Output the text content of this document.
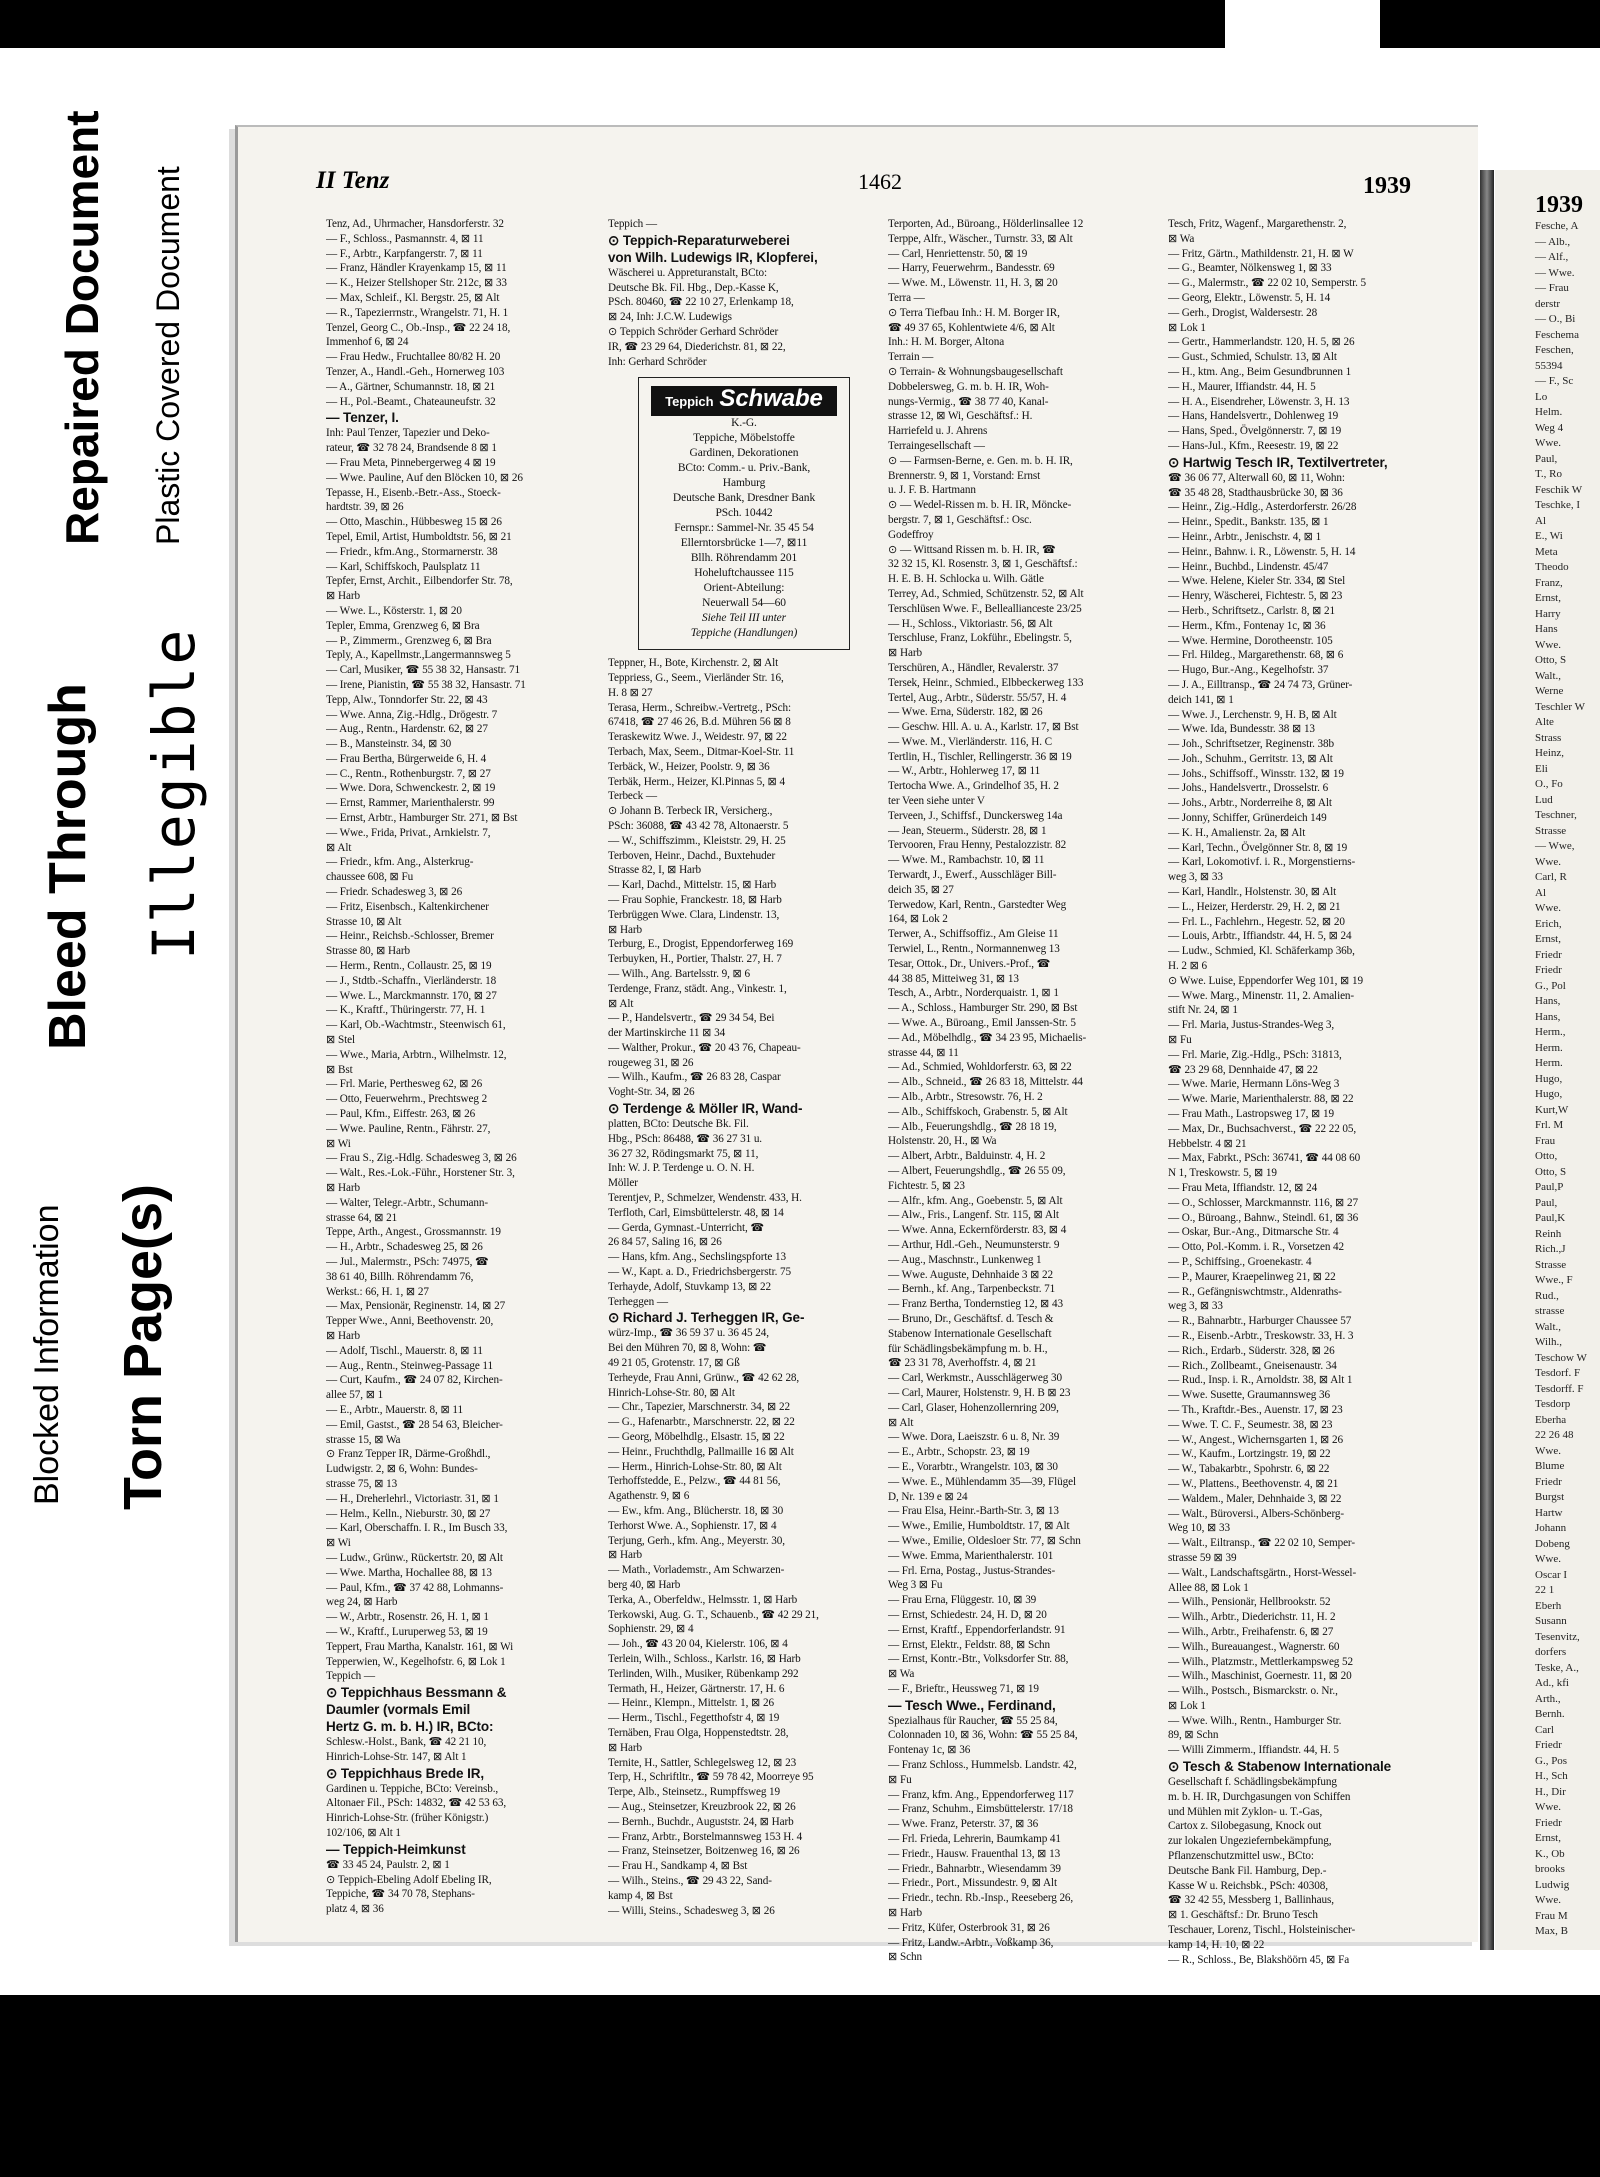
Blocked Information
Bleed Through
Repaired Document
Torn Page(s)
Illegible
Plastic Covered Document	II Tenz	1462	1939
Tenz, Ad., Uhrmacher, Hansdorferstr. 32
— F., Schloss., Pasmannstr. 4, ⊠ 11
— F., Arbtr., Karpfangerstr. 7, ⊠ 11
— Franz, Händler Krayenkamp 15, ⊠ 11
— K., Heizer Stellshoper Str. 212c, ⊠ 33
— Max, Schleif., Kl. Bergstr. 25, ⊠ Alt
— R., Tapezierrnstr., Wrangelstr. 71, H. 1
Tenzel, Georg C., Ob.-Insp., ☎ 22 24 18,
Immenhof 6, ⊠ 24
— Frau Hedw., Fruchtallee 80/82 H. 20
Tenzer, A., Handl.-Geh., Hornerweg 103
— A., Gärtner, Schumannstr. 18, ⊠ 21
— H., Pol.-Beamt., Chateauneufstr. 32
— Tenzer, I.
Inh: Paul Tenzer, Tapezier und Deko-
rateur, ☎ 32 78 24, Brandsende 8 ⊠ 1
— Frau Meta, Pinnebergerweg 4 ⊠ 19
— Wwe. Pauline, Auf den Blöcken 10, ⊠ 26
Tepasse, H., Eisenb.-Betr.-Ass., Stoeck-
hardtstr. 39, ⊠ 26
— Otto, Maschin., Hübbesweg 15 ⊠ 26
Tepel, Emil, Artist, Humboldtstr. 56, ⊠ 21
— Friedr., kfm.Ang., Stormarnerstr. 38
— Karl, Schiffskoch, Paulsplatz 11
Tepfer, Ernst, Archit., Eilbendorfer Str. 78,
⊠ Harb
— Wwe. L., Kösterstr. 1, ⊠ 20
Tepler, Emma, Grenzweg 6, ⊠ Bra
— P., Zimmerm., Grenzweg 6, ⊠ Bra
Teply, A., Kapellmstr.,Langermannsweg 5
— Carl, Musiker, ☎ 55 38 32, Hansastr. 71
— Irene, Pianistin, ☎ 55 38 32, Hansastr. 71
Tepp, Alw., Tonndorfer Str. 22, ⊠ 43
— Wwe. Anna, Zig.-Hdlg., Drögestr. 7
— Aug., Rentn., Hardenstr. 62, ⊠ 27
— B., Mansteinstr. 34, ⊠ 30
— Frau Bertha, Bürgerweide 6, H. 4
— C., Rentn., Rothenburgstr. 7, ⊠ 27
— Wwe. Dora, Schwenckestr. 2, ⊠ 19
— Ernst, Rammer, Marienthalerstr. 99
— Ernst, Arbtr., Hamburger Str. 271, ⊠ Bst
— Wwe., Frida, Privat., Arnkielstr. 7,
⊠ Alt
— Friedr., kfm. Ang., Alsterkrug-
chaussee 608, ⊠ Fu
— Friedr. Schadesweg 3, ⊠ 26
— Fritz, Eisenbsch., Kaltenkirchener
Strasse 10, ⊠ Alt
— Heinr., Reichsb.-Schlosser, Bremer
Strasse 80, ⊠ Harb
— Herm., Rentn., Collaustr. 25, ⊠ 19
— J., Stdtb.-Schaffn., Vierländerstr. 18
— Wwe. L., Marckmannstr. 170, ⊠ 27
— K., Kraftf., Thüringerstr. 77, H. 1
— Karl, Ob.-Wachtmstr., Steenwisch 61,
⊠ Stel
— Wwe., Maria, Arbtrn., Wilhelmstr. 12,
⊠ Bst
— Frl. Marie, Perthesweg 62, ⊠ 26
— Otto, Feuerwehrm., Prechtsweg 2
— Paul, Kfm., Eiffestr. 263, ⊠ 26
— Wwe. Pauline, Rentn., Fährstr. 27,
⊠ Wi
— Frau S., Zig.-Hdlg. Schadesweg 3, ⊠ 26
— Walt., Res.-Lok.-Führ., Horstener Str. 3,
⊠ Harb
— Walter, Telegr.-Arbtr., Schumann-
strasse 64, ⊠ 21
Teppe, Arth., Angest., Grossmannstr. 19
— H., Arbtr., Schadesweg 25, ⊠ 26
— Jul., Malermstr., PSch: 74975, ☎
38 61 40, Billh. Röhrendamm 76,
Werkst.: 66, H. 1, ⊠ 27
— Max, Pensionär, Reginenstr. 14, ⊠ 27
Tepper Wwe., Anni, Beethovenstr. 20,
⊠ Harb
— Adolf, Tischl., Mauerstr. 8, ⊠ 11
— Aug., Rentn., Steinweg-Passage 11
— Curt, Kaufm., ☎ 24 07 82, Kirchen-
allee 57, ⊠ 1
— E., Arbtr., Mauerstr. 8, ⊠ 11
— Emil, Gastst., ☎ 28 54 63, Bleicher-
strasse 15, ⊠ Wa
⊙ Franz Tepper IR, Därme-Großhdl.,
Ludwigstr. 2, ⊠ 6, Wohn: Bundes-
strasse 75, ⊠ 13
— H., Dreherlehrl., Victoriastr. 31, ⊠ 1
— Helm., Kelln., Nieburstr. 30, ⊠ 27
— Karl, Oberschaffn. I. R., Im Busch 33,
⊠ Wi
— Ludw., Grünw., Rückertstr. 20, ⊠ Alt
— Wwe. Martha, Hochallee 88, ⊠ 13
— Paul, Kfm., ☎ 37 42 88, Lohmanns-
weg 24, ⊠ Harb
— W., Arbtr., Rosenstr. 26, H. 1, ⊠ 1
— W., Kraftf., Luruperweg 53, ⊠ 19
Teppert, Frau Martha, Kanalstr. 161, ⊠ Wi
Tepperwien, W., Kegelhofstr. 6, ⊠ Lok 1
Teppich —
⊙ Teppichhaus Bessmann &
Daumler (vormals Emil
Hertz G. m. b. H.) IR, BCto:
Schlesw.-Holst., Bank, ☎ 42 21 10,
Hinrich-Lohse-Str. 147, ⊠ Alt 1
⊙ Teppichhaus Brede IR,
Gardinen u. Teppiche, BCto: Vereinsb.,
Altonaer Fil., PSch: 14832, ☎ 42 53 63,
Hinrich-Lohse-Str. (früher Königstr.)
102/106, ⊠ Alt 1
— Teppich-Heimkunst
☎ 33 45 24, Paulstr. 2, ⊠ 1
⊙ Teppich-Ebeling Adolf Ebeling IR,
Teppiche, ☎ 34 70 78, Stephans-
platz 4, ⊠ 36
Teppich —
⊙ Teppich-Reparaturweberei
von Wilh. Ludewigs IR, Klopferei,
Wäscherei u. Appreturanstalt, BCto:
Deutsche Bk. Fil. Hbg., Dep.-Kasse K,
PSch. 80460, ☎ 22 10 27, Erlenkamp 18,
⊠ 24, Inh: J.C.W. Ludewigs
⊙ Teppich Schröder Gerhard Schröder
IR, ☎ 23 29 64, Diederichstr. 81, ⊠ 22,
Inh: Gerhard Schröder
Teppich Schwabe
K.-G.
Teppiche, Möbelstoffe
Gardinen, Dekorationen
BCto: Comm.- u. Priv.-Bank,
Hamburg
Deutsche Bank, Dresdner Bank
PSch. 10442
Fernspr.: Sammel-Nr. 35 45 54
Ellerntorsbrücke 1—7, ⊠11
Bllh. Röhrendamm 201
Hoheluftchaussee 115
Orient-Abteilung:
Neuerwall 54—60
Siehe Teil III unter
Teppiche (Handlungen)
Teppner, H., Bote, Kirchenstr. 2, ⊠ Alt
Teppriess, G., Seem., Vierländer Str. 16,
H. 8 ⊠ 27
Terasa, Herm., Schreibw.-Vertretg., PSch:
67418, ☎ 27 46 26, B.d. Mühren 56 ⊠ 8
Teraskewitz Wwe. J., Weidestr. 97, ⊠ 22
Terbach, Max, Seem., Ditmar-Koel-Str. 11
Terbäck, W., Heizer, Poolstr. 9, ⊠ 36
Terbäk, Herm., Heizer, Kl.Pinnas 5, ⊠ 4
Terbeck —
⊙ Johann B. Terbeck IR, Versicherg.,
PSch: 36088, ☎ 43 42 78, Altonaerstr. 5
— W., Schiffszimm., Kleiststr. 29, H. 25
Terboven, Heinr., Dachd., Buxtehuder
Strasse 82, I, ⊠ Harb
— Karl, Dachd., Mittelstr. 15, ⊠ Harb
— Frau Sophie, Franckestr. 18, ⊠ Harb
Terbrüggen Wwe. Clara, Lindenstr. 13,
⊠ Harb
Terburg, E., Drogist, Eppendorferweg 169
Terbuyken, H., Portier, Thalstr. 27, H. 7
— Wilh., Ang. Bartelsstr. 9, ⊠ 6
Terdenge, Franz, städt. Ang., Vinkestr. 1,
⊠ Alt
— P., Handelsvertr., ☎ 29 34 54, Bei
der Martinskirche 11 ⊠ 34
— Walther, Prokur., ☎ 20 43 76, Chapeau-
rougeweg 31, ⊠ 26
— Wilh., Kaufm., ☎ 26 83 28, Caspar
Voght-Str. 34, ⊠ 26
⊙ Terdenge & Möller IR, Wand-
platten, BCto: Deutsche Bk. Fil.
Hbg., PSch: 86488, ☎ 36 27 31 u.
36 27 32, Rödingsmarkt 75, ⊠ 11,
Inh: W. J. P. Terdenge u. O. N. H.
Möller
Terentjev, P., Schmelzer, Wendenstr. 433, H.
Terfloth, Carl, Eimsbüttelerstr. 48, ⊠ 14
— Gerda, Gymnast.-Unterricht, ☎
26 84 57, Saling 16, ⊠ 26
— Hans, kfm. Ang., Sechslingspforte 13
— W., Kapt. a. D., Friedrichsbergerstr. 75
Terhayde, Adolf, Stuvkamp 13, ⊠ 22
Terheggen —
⊙ Richard J. Terheggen IR, Ge-
würz-Imp., ☎ 36 59 37 u. 36 45 24,
Bei den Mühren 70, ⊠ 8, Wohn: ☎
49 21 05, Grotenstr. 17, ⊠ Gß
Terheyde, Frau Anni, Grünw., ☎ 42 62 28,
Hinrich-Lohse-Str. 80, ⊠ Alt
— Chr., Tapezier, Marschnerstr. 34, ⊠ 22
— G., Hafenarbtr., Marschnerstr. 22, ⊠ 22
— Georg, Möbelhdlg., Elsastr. 15, ⊠ 22
— Heinr., Fruchthdlg, Pallmaille 16 ⊠ Alt
— Herm., Hinrich-Lohse-Str. 80, ⊠ Alt
Terhoffstedde, E., Pelzw., ☎ 44 81 56,
Agathenstr. 9, ⊠ 6
— Ew., kfm. Ang., Blücherstr. 18, ⊠ 30
Terhorst Wwe. A., Sophienstr. 17, ⊠ 4
Terjung, Gerh., kfm. Ang., Meyerstr. 30,
⊠ Harb
— Math., Vorlademstr., Am Schwarzen-
berg 40, ⊠ Harb
Terka, A., Oberfeldw., Helmsstr. 1, ⊠ Harb
Terkowski, Aug. G. T., Schauenb., ☎ 42 29 21,
Sophienstr. 29, ⊠ 4
— Joh., ☎ 43 20 04, Kielerstr. 106, ⊠ 4
Terlein, Wilh., Schloss., Karlstr. 16, ⊠ Harb
Terlinden, Wilh., Musiker, Rübenkamp 292
Termath, H., Heizer, Gärtnerstr. 17, H. 6
— Heinr., Klempn., Mittelstr. 1, ⊠ 26
— Herm., Tischl., Fegetthofstr 4, ⊠ 19
Ternäben, Frau Olga, Hoppenstedtstr. 28,
⊠ Harb
Ternite, H., Sattler, Schlegelsweg 12, ⊠ 23
Terp, H., Schriftltr., ☎ 59 78 42, Moorreye 95
Terpe, Alb., Steinsetz., Rumpffsweg 19
— Aug., Steinsetzer, Kreuzbrook 22, ⊠ 26
— Bernh., Buchdr., Auguststr. 24, ⊠ Harb
— Franz, Arbtr., Borstelmannsweg 153 H. 4
— Franz, Steinsetzer, Boitzenweg 16, ⊠ 26
— Frau H., Sandkamp 4, ⊠ Bst
— Wilh., Steins., ☎ 29 43 22, Sand-
kamp 4, ⊠ Bst
— Willi, Steins., Schadesweg 3, ⊠ 26
Terporten, Ad., Büroang., Hölderlinsallee 12
Terppe, Alfr., Wäscher., Turnstr. 33, ⊠ Alt
— Carl, Henriettenstr. 50, ⊠ 19
— Harry, Feuerwehrm., Bandesstr. 69
— Wwe. M., Löwenstr. 11, H. 3, ⊠ 20
Terra —
⊙ Terra Tiefbau Inh.: H. M. Borger IR,
☎ 49 37 65, Kohlentwiete 4/6, ⊠ Alt
Inh.: H. M. Borger, Altona
Terrain —
⊙ Terrain- & Wohnungsbaugesellschaft
Dobbelersweg, G. m. b. H. IR, Woh-
nungs-Vermig., ☎ 38 77 40, Kanal-
strasse 12, ⊠ Wi, Geschäftsf.: H.
Harriefeld u. J. Ahrens
Terraingesellschaft —
⊙ — Farmsen-Berne, e. Gen. m. b. H. IR,
Brennerstr. 9, ⊠ 1, Vorstand: Ernst
u. J. F. B. Hartmann
⊙ — Wedel-Rissen m. b. H. IR, Möncke-
bergstr. 7, ⊠ 1, Geschäftsf.: Osc.
Godeffroy
⊙ — Wittsand Rissen m. b. H. IR, ☎
32 32 15, Kl. Rosenstr. 3, ⊠ 1, Geschäftsf.:
H. E. B. H. Schlocka u. Wilh. Gätle
Terrey, Ad., Schmied, Schützenstr. 52, ⊠ Alt
Terschlüsen Wwe. F., Belleallianceste 23/25
— H., Schloss., Viktoriastr. 56, ⊠ Alt
Terschluse, Franz, Lokführ., Ebelingstr. 5,
⊠ Harb
Terschüren, A., Händler, Revalerstr. 37
Tersek, Heinr., Schmied., Elbbeckerweg 133
Tertel, Aug., Arbtr., Süderstr. 55/57, H. 4
— Wwe. Erna, Süderstr. 182, ⊠ 26
— Geschw. Hll. A. u. A., Karlstr. 17, ⊠ Bst
— Wwe. M., Vierländerstr. 116, H. C
Tertlin, H., Tischler, Rellingerstr. 36 ⊠ 19
— W., Arbtr., Hohlerweg 17, ⊠ 11
Tertocha Wwe. A., Grindelhof 35, H. 2
ter Veen siehe unter V
Terveen, J., Schiffsf., Dunckersweg 14a
— Jean, Steuerm., Süderstr. 28, ⊠ 1
Tervooren, Frau Henny, Pestalozzistr. 82
— Wwe. M., Rambachstr. 10, ⊠ 11
Terwardt, J., Ewerf., Ausschläger Bill-
deich 35, ⊠ 27
Terwedow, Karl, Rentn., Garstedter Weg
164, ⊠ Lok 2
Terwer, A., Schiffsoffiz., Am Gleise 11
Terwiel, L., Rentn., Normannenweg 13
Tesar, Ottok., Dr., Univers.-Prof., ☎
44 38 85, Mitteiweg 31, ⊠ 13
Tesch, A., Arbtr., Norderquaistr. 1, ⊠ 1
— A., Schloss., Hamburger Str. 290, ⊠ Bst
— Wwe. A., Büroang., Emil Janssen-Str. 5
— Ad., Möbelhdlg., ☎ 34 23 95, Michaelis-
strasse 44, ⊠ 11
— Ad., Schmied, Wohldorferstr. 63, ⊠ 22
— Alb., Schneid., ☎ 26 83 18, Mittelstr. 44
— Alb., Arbtr., Stresowstr. 76, H. 2
— Alb., Schiffskoch, Grabenstr. 5, ⊠ Alt
— Alb., Feuerungshdlg., ☎ 28 18 19,
Holstenstr. 20, H., ⊠ Wa
— Albert, Arbtr., Balduinstr. 4, H. 2
— Albert, Feuerungshdlg., ☎ 26 55 09,
Fichtestr. 5, ⊠ 23
— Alfr., kfm. Ang., Goebenstr. 5, ⊠ Alt
— Alw., Fris., Langenf. Str. 115, ⊠ Alt
— Wwe. Anna, Eckernförderstr. 83, ⊠ 4
— Arthur, Hdl.-Geh., Neumunsterstr. 9
— Aug., Maschnstr., Lunkenweg 1
— Wwe. Auguste, Dehnhaide 3 ⊠ 22
— Bernh., kf. Ang., Tarpenbeckstr. 71
— Franz Bertha, Tondernstieg 12, ⊠ 43
— Bruno, Dr., Geschäftsf. d. Tesch &
Stabenow Internationale Gesellschaft
für Schädlingsbekämpfung m. b. H.,
☎ 23 31 78, Averhoffstr. 4, ⊠ 21
— Carl, Werkmstr., Ausschlägerweg 30
— Carl, Maurer, Holstenstr. 9, H. B ⊠ 23
— Carl, Glaser, Hohenzollernring 209,
⊠ Alt
— Wwe. Dora, Laeiszstr. 6 u. 8, Nr. 39
— E., Arbtr., Schopstr. 23, ⊠ 19
— E., Vorarbtr., Wrangelstr. 103, ⊠ 30
— Wwe. E., Mühlendamm 35—39, Flügel
D, Nr. 139 e ⊠ 24
— Frau Elsa, Heinr.-Barth-Str. 3, ⊠ 13
— Wwe., Emilie, Humboldtstr. 17, ⊠ Alt
— Wwe., Emilie, Oldesloer Str. 77, ⊠ Schn
— Wwe. Emma, Marienthalerstr. 101
— Frl. Erna, Postag., Justus-Strandes-
Weg 3 ⊠ Fu
— Frau Erna, Flüggestr. 10, ⊠ 39
— Ernst, Schiedestr. 24, H. D, ⊠ 20
— Ernst, Kraftf., Eppendorferlandstr. 91
— Ernst, Elektr., Feldstr. 88, ⊠ Schn
— Ernst, Kontr.-Btr., Volksdorfer Str. 88,
⊠ Wa
— F., Brieftr., Heussweg 71, ⊠ 19
— Tesch Wwe., Ferdinand,
Spezialhaus für Raucher, ☎ 55 25 84,
Colonnaden 10, ⊠ 36, Wohn: ☎ 55 25 84,
Fontenay 1c, ⊠ 36
— Franz Schloss., Hummelsb. Landstr. 42,
⊠ Fu
— Franz, kfm. Ang., Eppendorferweg 117
— Franz, Schuhm., Eimsbüttelerstr. 17/18
— Wwe. Franz, Peterstr. 37, ⊠ 36
— Frl. Frieda, Lehrerin, Baumkamp 41
— Friedr., Hausw. Frauenthal 13, ⊠ 13
— Friedr., Bahnarbtr., Wiesendamm 39
— Friedr., Port., Missundestr. 9, ⊠ Alt
— Friedr., techn. Rb.-Insp., Reeseberg 26,
⊠ Harb
— Fritz, Küfer, Osterbrook 31, ⊠ 26
— Fritz, Landw.-Arbtr., Voßkamp 36,
⊠ Schn
Tesch, Fritz, Wagenf., Margarethenstr. 2,
⊠ Wa
— Fritz, Gärtn., Mathildenstr. 21, H. ⊠ W
— G., Beamter, Nölkensweg 1, ⊠ 33
— G., Malermstr., ☎ 22 02 10, Semperstr. 5
— Georg, Elektr., Löwenstr. 5, H. 14
— Gerh., Drogist, Waldersestr. 28
⊠ Lok 1
— Gertr., Hammerlandstr. 120, H. 5, ⊠ 26
— Gust., Schmied, Schulstr. 13, ⊠ Alt
— H., ktm. Ang., Beim Gesundbrunnen 1
— H., Maurer, Iffiandstr. 44, H. 5
— H. A., Eisendreher, Löwenstr. 3, H. 13
— Hans, Handelsvertr., Dohlenweg 19
— Hans, Sped., Övelgönnerstr. 7, ⊠ 19
— Hans-Jul., Kfm., Reesestr. 19, ⊠ 22
⊙ Hartwig Tesch IR, Textilvertreter,
☎ 36 06 77, Alterwall 60, ⊠ 11, Wohn:
☎ 35 48 28, Stadthausbrücke 30, ⊠ 36
— Heinr., Zig.-Hdlg., Asterdorferstr. 26/28
— Heinr., Spedit., Bankstr. 135, ⊠ 1
— Heinr., Arbtr., Jenischstr. 4, ⊠ 1
— Heinr., Bahnw. i. R., Löwenstr. 5, H. 14
— Heinr., Buchbd., Lindenstr. 45/47
— Wwe. Helene, Kieler Str. 334, ⊠ Stel
— Henry, Wäscherei, Fichtestr. 5, ⊠ 23
— Herb., Schriftsetz., Carlstr. 8, ⊠ 21
— Herm., Kfm., Fontenay 1c, ⊠ 36
— Wwe. Hermine, Dorotheenstr. 105
— Frl. Hildeg., Margarethenstr. 68, ⊠ 6
— Hugo, Bur.-Ang., Kegelhofstr. 37
— J. A., Eilltransp., ☎ 24 74 73, Grüner-
deich 141, ⊠ 1
— Wwe. J., Lerchenstr. 9, H. B, ⊠ Alt
— Wwe. Ida, Bundesstr. 38 ⊠ 13
— Joh., Schriftsetzer, Reginenstr. 38b
— Joh., Schuhm., Gerritstr. 13, ⊠ Alt
— Johs., Schiffsoff., Winsstr. 132, ⊠ 19
— Johs., Handelsvertr., Drosselstr. 6
— Johs., Arbtr., Norderreihe 8, ⊠ Alt
— Jonny, Schiffer, Grünerdeich 149
— K. H., Amalienstr. 2a, ⊠ Alt
— Karl, Techn., Övelgönner Str. 8, ⊠ 19
— Karl, Lokomotivf. i. R., Morgenstierns-
weg 3, ⊠ 33
— Karl, Handlr., Holstenstr. 30, ⊠ Alt
— L., Heizer, Herderstr. 29, H. 2, ⊠ 21
— Frl. L., Fachlehrn., Hegestr. 52, ⊠ 20
— Louis, Arbtr., Iffiandstr. 44, H. 5, ⊠ 24
— Ludw., Schmied, Kl. Schäferkamp 36b,
H. 2 ⊠ 6
⊙ Wwe. Luise, Eppendorfer Weg 101, ⊠ 19
— Wwe. Marg., Minenstr. 11, 2. Amalien-
stift Nr. 24, ⊠ 1
— Frl. Maria, Justus-Strandes-Weg 3,
⊠ Fu
— Frl. Marie, Zig.-Hdlg., PSch: 31813,
☎ 23 29 68, Dennhaide 47, ⊠ 22
— Wwe. Marie, Hermann Löns-Weg 3
— Wwe. Marie, Marienthalerstr. 88, ⊠ 22
— Frau Math., Lastropsweg 17, ⊠ 19
— Max, Dr., Buchsachverst., ☎ 22 22 05,
Hebbelstr. 4 ⊠ 21
— Max, Fabrkt., PSch: 36741, ☎ 44 08 60
N 1, Treskowstr. 5, ⊠ 19
— Frau Meta, Iffiandstr. 12, ⊠ 24
— O., Schlosser, Marckmannstr. 116, ⊠ 27
— O., Büroang., Bahnw., Steindl. 61, ⊠ 36
— Oskar, Bur.-Ang., Ditmarsche Str. 4
— Otto, Pol.-Komm. i. R., Vorsetzen 42
— P., Schiffsing., Groenekastr. 4
— P., Maurer, Kraepelinweg 21, ⊠ 22
— R., Gefängniswchtmstr., Aldenraths-
weg 3, ⊠ 33
— R., Bahnarbtr., Harburger Chaussee 57
— R., Eisenb.-Arbtr., Treskowstr. 33, H. 3
— Rich., Erdarb., Süderstr. 328, ⊠ 26
— Rich., Zollbeamt., Gneisenaustr. 34
— Rud., Insp. i. R., Arnoldstr. 38, ⊠ Alt 1
— Wwe. Susette, Graumannsweg 36
— Th., Kraftdr.-Bes., Auenstr. 17, ⊠ 23
— Wwe. T. C. F., Seumestr. 38, ⊠ 23
— W., Angest., Wichernsgarten 1, ⊠ 26
— W., Kaufm., Lortzingstr. 19, ⊠ 22
— W., Tabakarbtr., Spohrstr. 6, ⊠ 22
— W., Plattens., Beethovenstr. 4, ⊠ 21
— Waldem., Maler, Dehnhaide 3, ⊠ 22
— Walt., Büroversi., Albers-Schönberg-
Weg 10, ⊠ 33
— Walt., Eiltransp., ☎ 22 02 10, Semper-
strasse 59 ⊠ 39
— Walt., Landschaftsgärtn., Horst-Wessel-
Allee 88, ⊠ Lok 1
— Wilh., Pensionär, Hellbrookstr. 52
— Wilh., Arbtr., Diederichstr. 11, H. 2
— Wilh., Arbtr., Freihafenstr. 6, ⊠ 27
— Wilh., Bureauangest., Wagnerstr. 60
— Wilh., Platzmstr., Mettlerkampsweg 52
— Wilh., Maschinist, Goernestr. 11, ⊠ 20
— Wilh., Postsch., Bismarckstr. o. Nr.,
⊠ Lok 1
— Wwe. Wilh., Rentn., Hamburger Str.
89, ⊠ Schn
— Willi Zimmerm., Iffiandstr. 44, H. 5
⊙ Tesch & Stabenow Internationale
Gesellschaft f. Schädlingsbekämpfung
m. b. H. IR, Durchgasungen von Schiffen
und Mühlen mit Zyklon- u. T.-Gas,
Cartox z. Silobegasung, Knock out
zur lokalen Ungeziefernbekämpfung,
Pflanzenschutzmittel usw., BCto:
Deutsche Bank Fil. Hamburg, Dep.-
Kasse W u. Reichsbk., PSch: 40308,
☎ 32 42 55, Messberg 1, Ballinhaus,
⊠ 1. Geschäftsf.: Dr. Bruno Tesch
Teschauer, Lorenz, Tischl., Holsteinischer-
kamp 14, H. 10, ⊠ 22
— R., Schloss., Be, Blakshöörn 45, ⊠ Fa
1939
Fesche, A
— Alb.,
— Alf.,
— Wwe.
— Frau
derstr
— O., Bi
Feschema
Feschen,
55394
— F., Sc
Lo
Helm.
Weg 4
Wwe.
Paul,
T., Ro
Feschik W
Teschke, I
Al
E., Wi
Meta
Theodo
Franz,
Ernst,
Harry
Hans
Wwe.
Otto, S
Walt.,
Werne
Teschler W
Alte
Strass
Heinz,
Eli
O., Fo
Lud
Teschner,
Strasse
— Wwe,
Wwe.
Carl, R
Al
Wwe.
Erich,
Ernst,
Friedr
Friedr
G., Pol
Hans,
Hans,
Herm.,
Herm.
Herm.
Hugo,
Hugo,
Kurt,W
Frl. M
Frau
Otto,
Otto, S
Paul,P
Paul,
Paul,K
Reinh
Rich.,J
Strasse
Wwe., F
Rud.,
strasse
Walt.,
Wilh.,
Teschow W
Tesdorf. F
Tesdorff. F
Tesdorp
Eberha
22 26 48
Wwe.
Blume
Friedr
Burgst
Hartw
Johann
Dobeng
Wwe.
Oscar I
22 1
Eberh
Susann
Tesenvitz,
dorfers
Teske, A.,
Ad., kfi
Arth.,
Bernh.
Carl
Friedr
G., Pos
H., Sch
H., Dir
Wwe.
Friedr
Ernst,
K., Ob
brooks
Ludwig
Wwe.
Frau M
Max, B
